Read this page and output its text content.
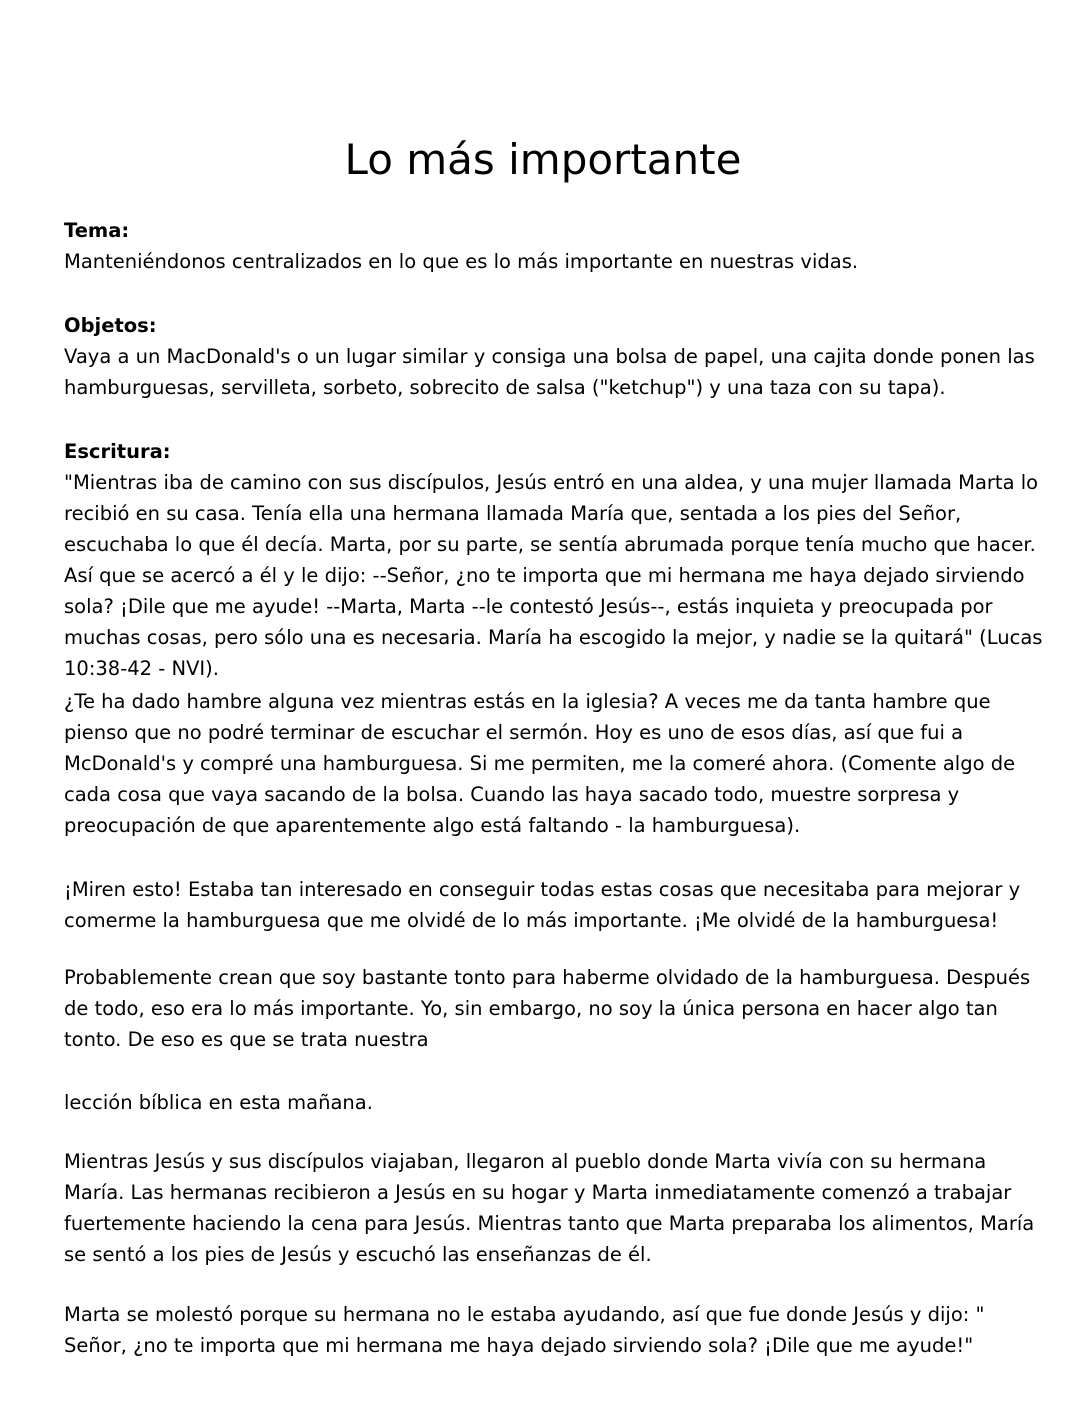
Lo más importante
Tema:
Manteniéndonos centralizados en lo que es lo más importante en nuestras vidas.
Objetos:
Vaya a un MacDonald's o un lugar similar y consiga una bolsa de papel, una cajita donde ponen las hamburguesas, servilleta, sorbeto, sobrecito de salsa ("ketchup") y una taza con su tapa).
Escritura:
"Mientras iba de camino con sus discípulos, Jesús entró en una aldea, y una mujer llamada Marta lo recibió en su casa. Tenía ella una hermana llamada María que, sentada a los pies del Señor, escuchaba lo que él decía. Marta, por su parte, se sentía abrumada porque tenía mucho que hacer. Así que se acercó a él y le dijo: --Señor, ¿no te importa que mi hermana me haya dejado sirviendo sola? ¡Dile que me ayude! --Marta, Marta --le contestó Jesús--, estás inquieta y preocupada por muchas cosas, pero sólo una es necesaria. María ha escogido la mejor, y nadie se la quitará" (Lucas 10:38-42 - NVI).

¿Te ha dado hambre alguna vez mientras estás en la iglesia? A veces me da tanta hambre que pienso que no podré terminar de escuchar el sermón. Hoy es uno de esos días, así que fui a McDonald's y compré una hamburguesa. Si me permiten, me la comeré ahora. (Comente algo de cada cosa que vaya sacando de la bolsa. Cuando las haya sacado todo, muestre sorpresa y preocupación de que aparentemente algo está faltando - la hamburguesa).

¡Miren esto! Estaba tan interesado en conseguir todas estas cosas que necesitaba para mejorar y comerme la hamburguesa que me olvidé de lo más importante. ¡Me olvidé de la hamburguesa!

Probablemente crean que soy bastante tonto para haberme olvidado de la hamburguesa. Después de todo, eso era lo más importante. Yo, sin embargo, no soy la única persona en hacer algo tan tonto. De eso es que se trata nuestra

lección bíblica en esta mañana.

Mientras Jesús y sus discípulos viajaban, llegaron al pueblo donde Marta vivía con su hermana María. Las hermanas recibieron a Jesús en su hogar y Marta inmediatamente comenzó a trabajar fuertemente haciendo la cena para Jesús. Mientras tanto que Marta preparaba los alimentos, María se sentó a los pies de Jesús y escuchó las enseñanzas de él.

Marta se molestó porque su hermana no le estaba ayudando, así que fue donde Jesús y dijo: " Señor, ¿no te importa que mi hermana me haya dejado sirviendo sola? ¡Dile que me ayude!"
